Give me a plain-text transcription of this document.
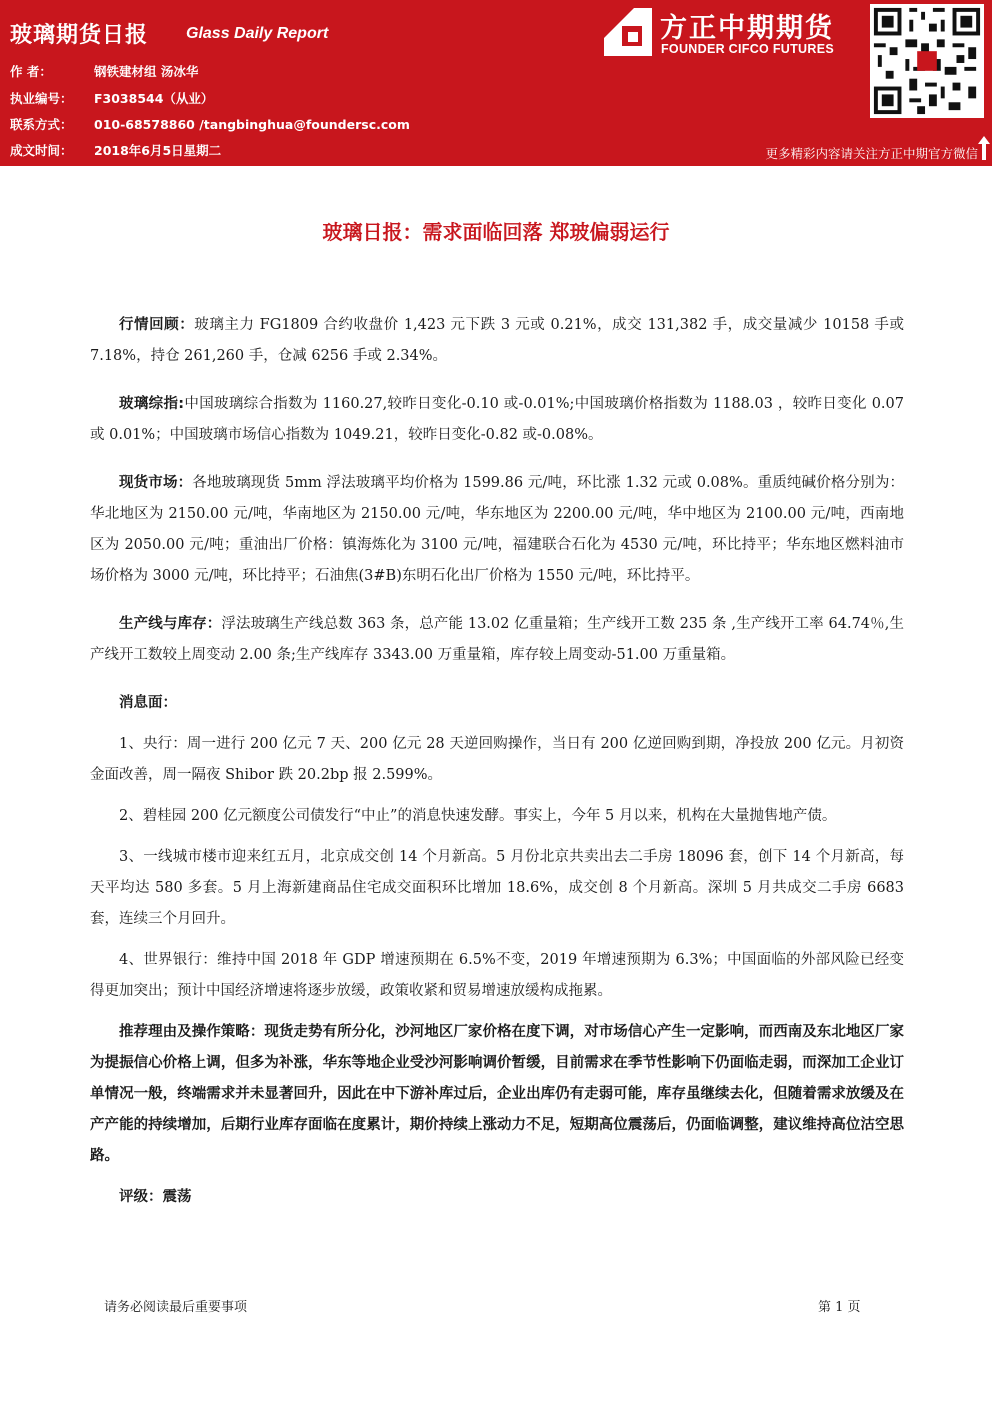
玻璃期货日报 Glass Daily Report
作 者：	钢铁建材组 汤冰华
执业编号： F3038544（从业）
联系方式： 010-68578860 /tangbinghua@foundersc.com
成文时间： 2018年6月5日星期二
方正中期期货
FOUNDER CIFCO FUTURES
更多精彩内容请关注方正中期官方微信
玻璃日报：需求面临回落 郑玻偏弱运行

行情回顾：玻璃主力 FG1809 合约收盘价 1,423 元下跌 3 元或 0.21%，成交 131,382 手，成交量减少 10158 手或 7.18%，持仓 261,260 手，仓减 6256 手或 2.34%。

玻璃综指:中国玻璃综合指数为 1160.27,较昨日变化-0.10 或-0.01%;中国玻璃价格指数为 1188.03 ，较昨日变化 0.07 或 0.01%；中国玻璃市场信心指数为 1049.21，较昨日变化-0.82 或-0.08%。

现货市场：各地玻璃现货 5mm 浮法玻璃平均价格为 1599.86 元/吨，环比涨 1.32 元或 0.08%。重质纯碱价格分别为：华北地区为 2150.00 元/吨，华南地区为 2150.00 元/吨，华东地区为 2200.00 元/吨，华中地区为 2100.00 元/吨，西南地区为 2050.00 元/吨；重油出厂价格：镇海炼化为 3100 元/吨，福建联合石化为 4530 元/吨，环比持平；华东地区燃料油市场价格为 3000 元/吨，环比持平；石油焦(3#B)东明石化出厂价格为 1550 元/吨，环比持平。

生产线与库存：浮法玻璃生产线总数 363 条，总产能 13.02 亿重量箱；生产线开工数 235 条 ,生产线开工率 64.74％,生产线开工数较上周变动 2.00 条;生产线库存 3343.00 万重量箱，库存较上周变动-51.00 万重量箱。

消息面：

1、央行：周一进行 200 亿元 7 天、200 亿元 28 天逆回购操作，当日有 200 亿逆回购到期，净投放 200 亿元。月初资金面改善，周一隔夜 Shibor 跌 20.2bp 报 2.599%。

2、碧桂园 200 亿元额度公司债发行“中止”的消息快速发酵。事实上，今年 5 月以来，机构在大量抛售地产债。

3、一线城市楼市迎来红五月，北京成交创 14 个月新高。5 月份北京共卖出去二手房 18096 套，创下 14 个月新高，每天平均达 580 多套。5 月上海新建商品住宅成交面积环比增加 18.6%，成交创 8 个月新高。深圳 5 月共成交二手房 6683 套，连续三个月回升。

4、世界银行：维持中国 2018 年 GDP 增速预期在 6.5%不变，2019 年增速预期为 6.3%；中国面临的外部风险已经变得更加突出；预计中国经济增速将逐步放缓，政策收紧和贸易增速放缓构成拖累。

推荐理由及操作策略：现货走势有所分化，沙河地区厂家价格在度下调，对市场信心产生一定影响，而西南及东北地区厂家为提振信心价格上调，但多为补涨，华东等地企业受沙河影响调价暂缓，目前需求在季节性影响下仍面临走弱，而深加工企业订单情况一般，终端需求并未显著回升，因此在中下游补库过后，企业出库仍有走弱可能，库存虽继续去化，但随着需求放缓及在产产能的持续增加，后期行业库存面临在度累计，期价持续上涨动力不足，短期高位震荡后，仍面临调整，建议维持高位沽空思路。

评级：震荡

请务必阅读最后重要事项	第 1 页
